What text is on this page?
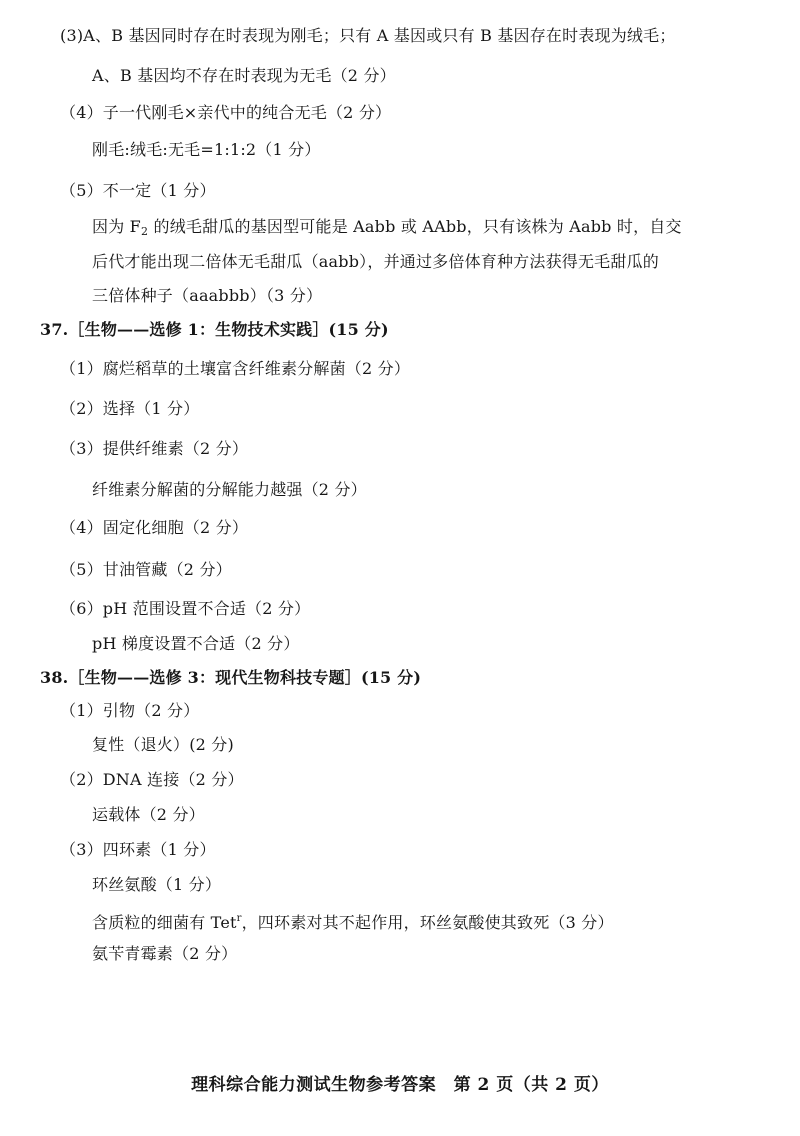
(3)A、B 基因同时存在时表现为刚毛；只有 A 基因或只有 B 基因存在时表现为绒毛；
A、B 基因均不存在时表现为无毛（2 分）
（4）子一代刚毛×亲代中的纯合无毛（2 分）
刚毛:绒毛:无毛=1:1:2（1 分）
（5）不一定（1 分）
因为 $F_2$ 的绒毛甜瓜的基因型可能是 Aabb 或 AAbb，只有该株为 Aabb 时，自交
后代才能出现二倍体无毛甜瓜（aabb），并通过多倍体育种方法获得无毛甜瓜的
三倍体种子（aaabbb）（3 分）
37.［生物——选修 1：生物技术实践］(15 分)
（1）腐烂稻草的土壤富含纤维素分解菌（2 分）
（2）选择（1 分）
（3）提供纤维素（2 分）
纤维素分解菌的分解能力越强（2 分）
（4）固定化细胞（2 分）
（5）甘油管藏（2 分）
（6）pH 范围设置不合适（2 分）
pH 梯度设置不合适（2 分）
38.［生物——选修 3：现代生物科技专题］(15 分)
（1）引物（2 分）
复性（退火）(2 分)
（2）DNA 连接（2 分）
运载体（2 分）
（3）四环素（1 分）
环丝氨酸（1 分）
含质粒的细菌有 Tet$^r$，四环素对其不起作用，环丝氨酸使其致死（3 分）
氨苄青霉素（2 分）
理科综合能力测试生物参考答案　第 2 页（共 2 页）
